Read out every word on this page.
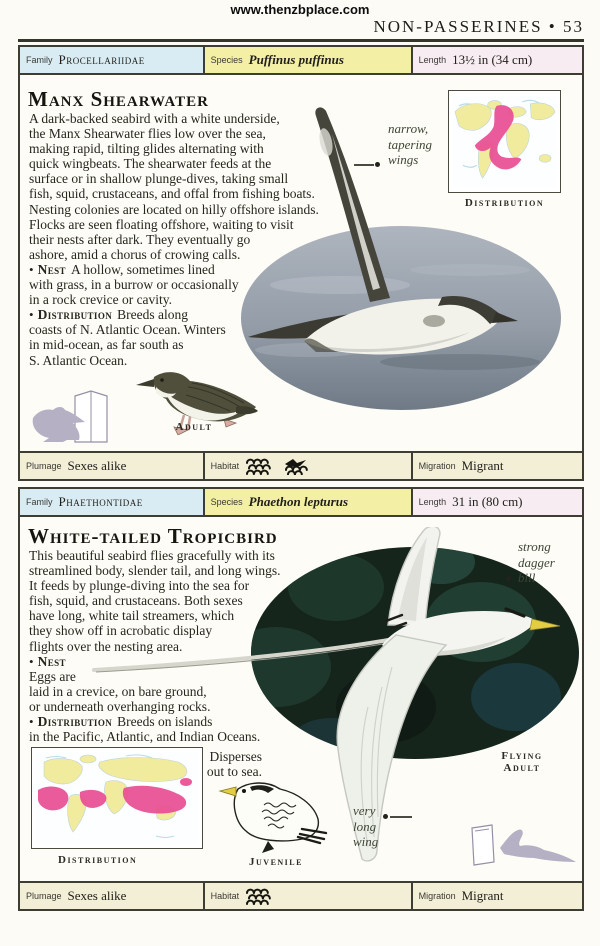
www.thenzbplace.com
NON-PASSERINES • 53
Family Procellariidae	Species Puffinus puffinus	Length 13½ in (34 cm)
narrow,
tapering
wings
Distribution
Manx Shearwater
A dark-backed seabird with a white underside,
the Manx Shearwater flies low over the sea,
making rapid, tilting glides alternating with
quick wingbeats. The shearwater feeds at the
surface or in shallow plunge-dives, taking small
fish, squid, crustaceans, and offal from fishing boats.
Nesting colonies are located on hilly offshore islands.
Flocks are seen floating offshore, waiting to visit
their nests after dark. They eventually go
ashore, amid a chorus of crowing calls.
• Nest A hollow, sometimes lined
with grass, in a burrow or occasionally
in a rock crevice or cavity.
• Distribution Breeds along
coasts of N. Atlantic Ocean. Winters
in mid-ocean, as far south as
S. Atlantic Ocean.
Adult
Plumage Sexes alike	Habitat	Migration Migrant
Family Phaethontidae	Species Phaethon lepturus	Length 31 in (80 cm)
strong
dagger
bill
White-tailed Tropicbird
This beautiful seabird flies gracefully with its
streamlined body, slender tail, and long wings.
It feeds by plunge-diving into the sea for
fish, squid, and crustaceans. Both sexes
have long, white tail streamers, which
they show off in acrobatic display
flights over the nesting area.
• Nest
Eggs are
laid in a crevice, on bare ground,
or underneath overhanging rocks.
• Distribution Breeds on islands
in the Pacific, Atlantic, and Indian Oceans.
Disperses
out to sea.
Flying
Adult
very
long
wing
Distribution	Juvenile
Plumage Sexes alike	Habitat	Migration Migrant
